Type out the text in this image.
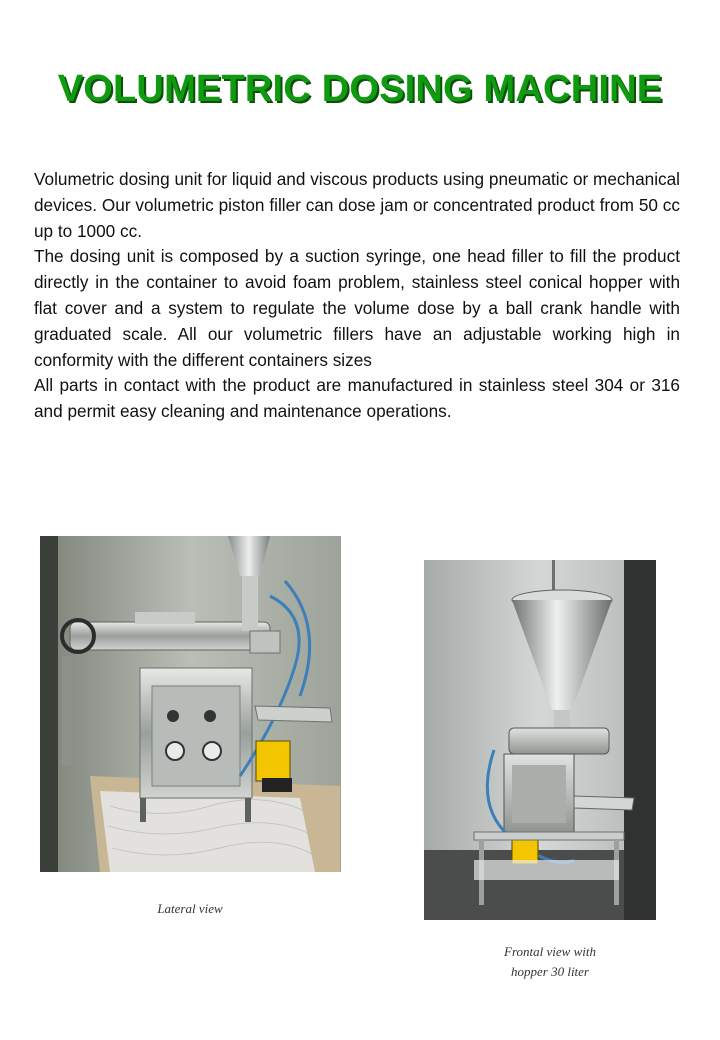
VOLUMETRIC DOSING MACHINE

Volumetric dosing unit for liquid and viscous products using pneumatic or mechanical devices. Our volumetric piston filler can dose jam or concentrated product from 50 cc up to 1000 cc.

The dosing unit is composed by a suction syringe, one head filler to fill the product directly in the container to avoid foam problem, stainless steel conical hopper with flat cover and a system to regulate the volume dose by a ball crank handle with graduated scale. All our volumetric fillers have an adjustable working high in conformity with the different containers sizes

All parts in contact with the product are manufactured in stainless steel 304 or 316 and permit easy cleaning and maintenance operations.

Lateral view
Frontal view with
hopper 30 liter
